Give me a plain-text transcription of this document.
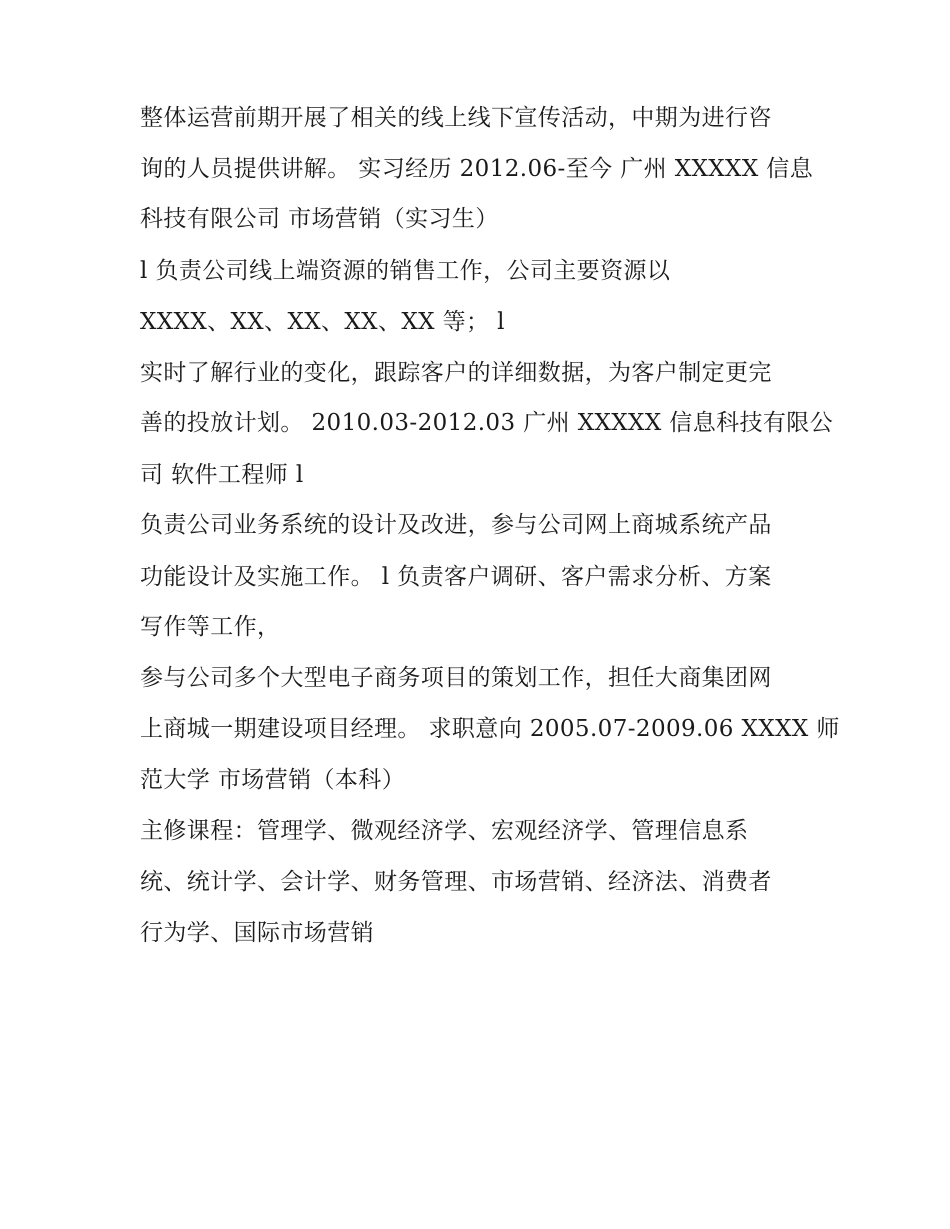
整体运营前期开展了相关的线上线下宣传活动，中期为进行咨
询的人员提供讲解。 实习经历 2012.06-至今 广州 XXXXX 信息
科技有限公司 市场营销（实习生）
l 负责公司线上端资源的销售工作，公司主要资源以
XXXX、XX、XX、XX、XX 等； l
实时了解行业的变化，跟踪客户的详细数据，为客户制定更完
善的投放计划。 2010.03-2012.03 广州 XXXXX 信息科技有限公
司 软件工程师 l
负责公司业务系统的设计及改进，参与公司网上商城系统产品
功能设计及实施工作。 l 负责客户调研、客户需求分析、方案
写作等工作，
参与公司多个大型电子商务项目的策划工作，担任大商集团网
上商城一期建设项目经理。 求职意向 2005.07-2009.06 XXXX 师
范大学 市场营销（本科）
主修课程：管理学、微观经济学、宏观经济学、管理信息系
统、统计学、会计学、财务管理、市场营销、经济法、消费者
行为学、国际市场营销
